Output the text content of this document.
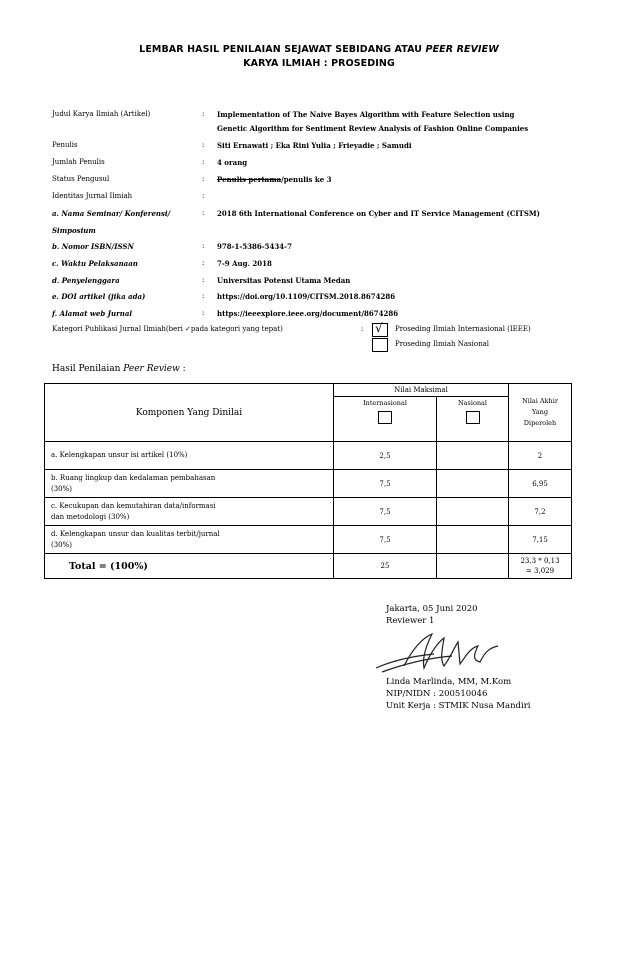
LEMBAR HASIL PENILAIAN SEJAWAT SEBIDANG ATAU PEER REVIEW
KARYA ILMIAH : PROSEDING
Judul Karya Ilmiah (Artikel)	: Implementation of The Naive Bayes Algorithm with Feature Selection using
Genetic Algorithm for Sentiment Review Analysis of Fashion Online Companies
Penulis	: Siti Ernawati ; Eka Rini Yulia ; Frieyadie ; Samudi
Jumlah Penulis	: 4 orang
Status Pengusul	: Penulis pertama/penulis ke 3
Identitas Jurnal Ilmiah	:
a. Nama Seminar/ Konferensi/	: 2018 6th International Conference on Cyber and IT Service Management (CITSM)
Simposium
b. Nomor ISBN/ISSN	: 978-1-5386-5434-7
c. Waktu Pelaksanaan	: 7-9 Aug. 2018
d. Penyelenggara	: Universitas Potensi Utama Medan
e. DOI artikel (jika ada)	: https://doi.org/10.1109/CITSM.2018.8674286
f. Alamat web Jurnal	: https://ieeexplore.ieee.org/document/8674286
Kategori Publikasi Jurnal Ilmiah(beri ✓pada kategori yang tepat)	: √ Proseding Ilmiah Internasional (IEEE)
Proseding Ilmiah Nasional
Hasil Penilaian Peer Review :
Komponen Yang Dinilai	Nilai Maksimal		Nilai Akhir
Yang
Diperoleh

	Internasional	Nasional	

a. Kelengkapan unsur isi artikel (10%)	2,5		2

b. Ruang lingkup dan kedalaman pembahasan
(30%)	7,5		6,95

c. Kecukupan dan kemutahiran data/informasi
dan metodologi (30%)	7,5		7,2

d. Kelengkapan unsur dan kualitas terbit/jurnal
(30%)	7,5		7,15
Total = (100%)	25		23,3 * 0,13
= 3,029
Jakarta, 05 Juni 2020
Reviewer 1
Linda Marlinda, MM, M.Kom
NIP/NIDN : 200510046
Unit Kerja : STMIK Nusa Mandiri
